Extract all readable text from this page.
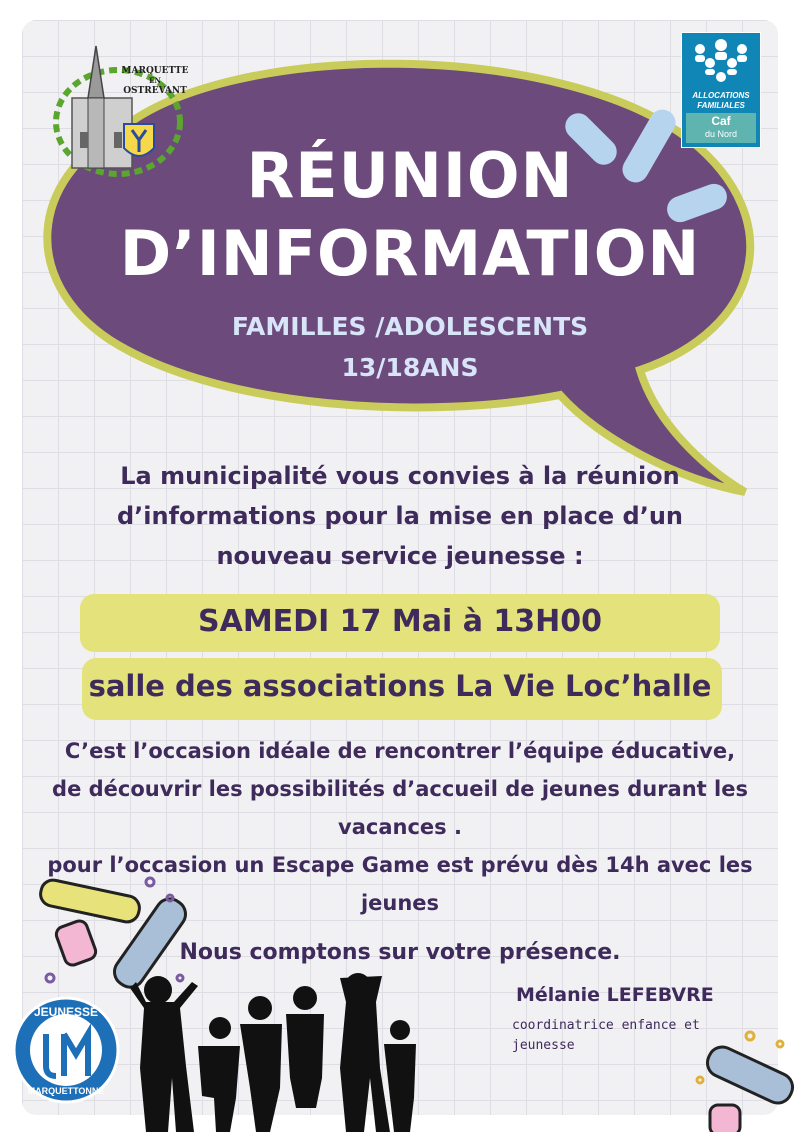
MARQUETTE
EN
OSTREVANT	ALLOCATIONS
FAMILIALES
Caf
du Nord
RÉUNION
D’INFORMATION
FAMILLES /ADOLESCENTS
13/18ANS
La municipalité vous convies à la réunion
d’informations pour la mise en place d’un
nouveau service jeunesse :
SAMEDI 17 Mai à 13H00
salle des associations La Vie Loc’halle
C’est l’occasion idéale de rencontrer l’équipe éducative,
de découvrir les possibilités d’accueil de jeunes durant les
vacances .
pour l’occasion un Escape Game est prévu dès 14h avec les
jeunes
Nous comptons sur votre présence.
Mélanie LEFEBVRE
coordinatrice enfance et
jeunesse
JEUNESSE
MARQUETTONNE
